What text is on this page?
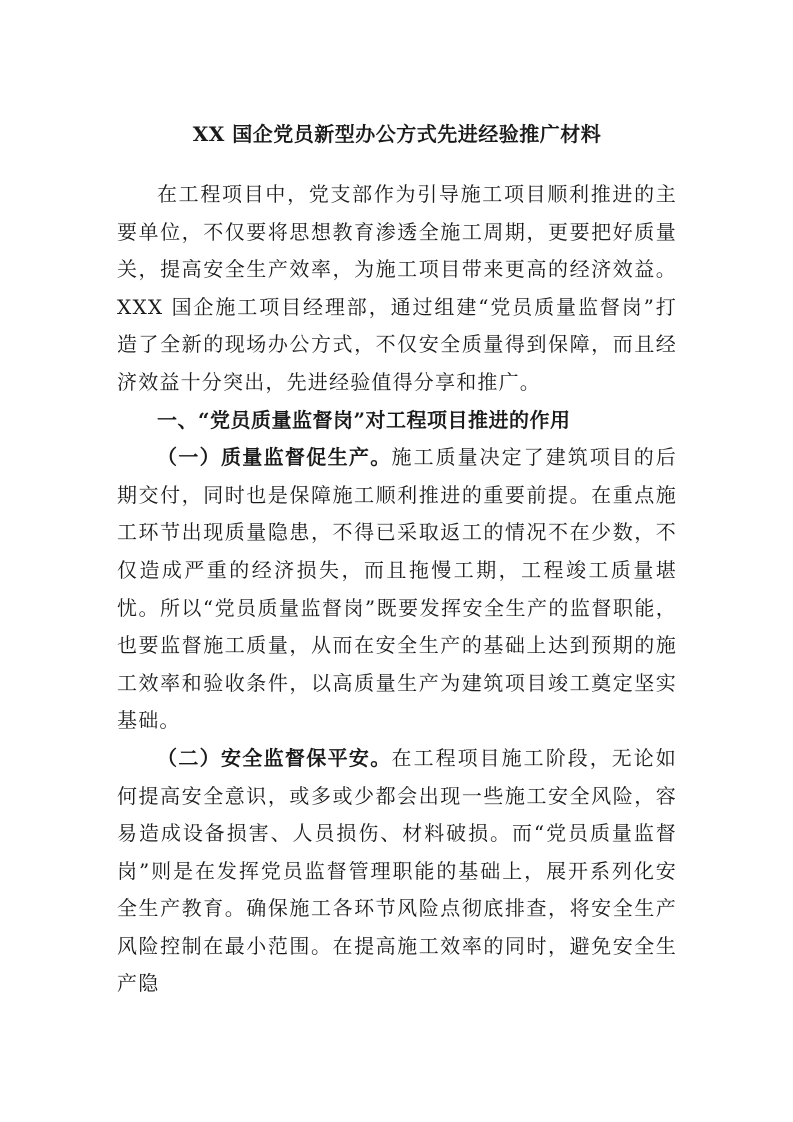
XX 国企党员新型办公方式先进经验推广材料

在工程项目中，党支部作为引导施工项目顺利推进的主要单位，不仅要将思想教育渗透全施工周期，更要把好质量关，提高安全生产效率，为施工项目带来更高的经济效益。XXX 国企施工项目经理部，通过组建“党员质量监督岗”打造了全新的现场办公方式，不仅安全质量得到保障，而且经济效益十分突出，先进经验值得分享和推广。

一、“党员质量监督岗”对工程项目推进的作用

（一）质量监督促生产。施工质量决定了建筑项目的后期交付，同时也是保障施工顺利推进的重要前提。在重点施工环节出现质量隐患，不得已采取返工的情况不在少数，不仅造成严重的经济损失，而且拖慢工期，工程竣工质量堪忧。所以“党员质量监督岗”既要发挥安全生产的监督职能，也要监督施工质量，从而在安全生产的基础上达到预期的施工效率和验收条件，以高质量生产为建筑项目竣工奠定坚实基础。

（二）安全监督保平安。在工程项目施工阶段，无论如何提高安全意识，或多或少都会出现一些施工安全风险，容易造成设备损害、人员损伤、材料破损。而“党员质量监督岗”则是在发挥党员监督管理职能的基础上，展开系列化安全生产教育。确保施工各环节风险点彻底排查，将安全生产风险控制在最小范围。在提高施工效率的同时，避免安全生产隐
